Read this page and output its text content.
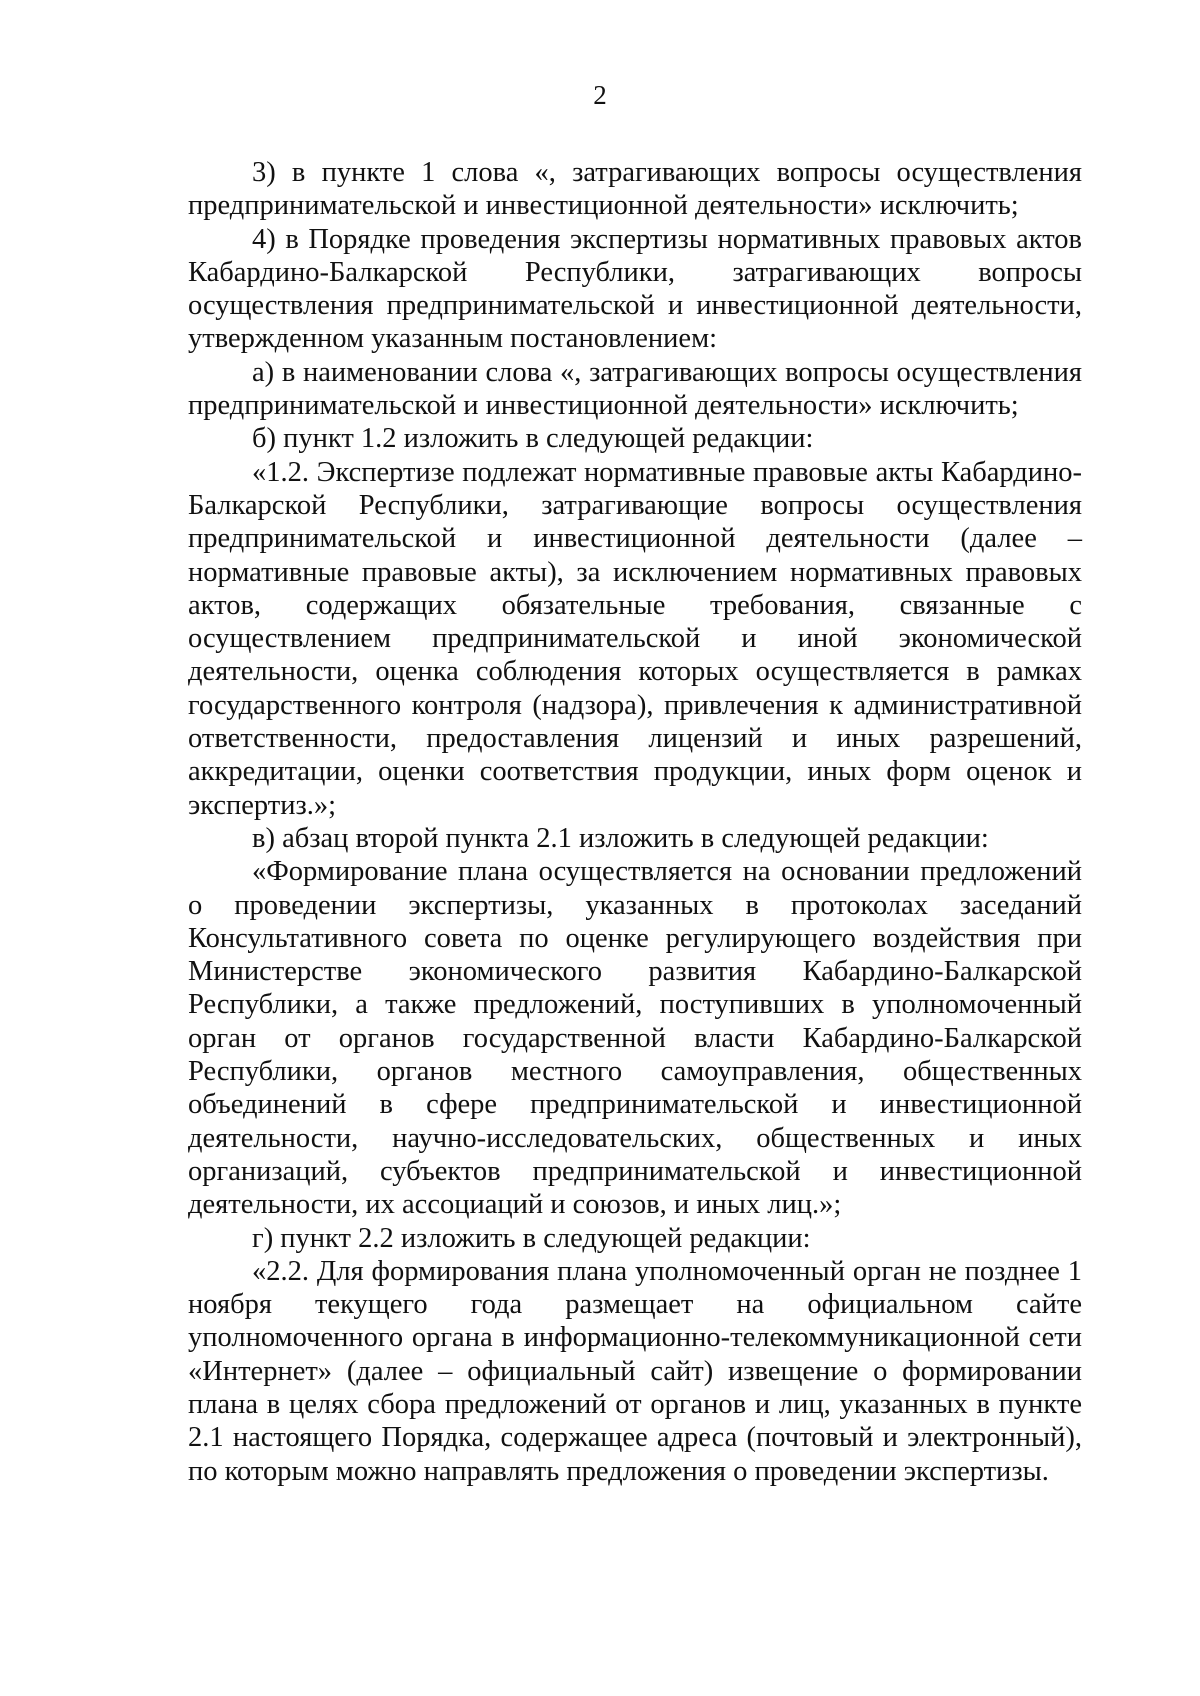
2

3) в пункте 1 слова «, затрагивающих вопросы осуществления предпринимательской и инвестиционной деятельности» исключить;

4) в Порядке проведения экспертизы нормативных правовых актов Кабардино-Балкарской Республики, затрагивающих вопросы осуществления предпринимательской и инвестиционной деятельности, утвержденном указанным постановлением:

а) в наименовании слова «, затрагивающих вопросы осуществления предпринимательской и инвестиционной деятельности» исключить;

б) пункт 1.2 изложить в следующей редакции:

«1.2. Экспертизе подлежат нормативные правовые акты Кабардино-Балкарской Республики, затрагивающие вопросы осуществления предпринимательской и инвестиционной деятельности (далее – нормативные правовые акты), за исключением нормативных правовых актов, содержащих обязательные требования, связанные с осуществлением предпринимательской и иной экономической деятельности, оценка соблюдения которых осуществляется в рамках государственного контроля (надзора), привлечения к административной ответственности, предоставления лицензий и иных разрешений, аккредитации, оценки соответствия продукции, иных форм оценок и экспертиз.»;

в) абзац второй пункта 2.1 изложить в следующей редакции:

«Формирование плана осуществляется на основании предложений о проведении экспертизы, указанных в протоколах заседаний Консультативного совета по оценке регулирующего воздействия при Министерстве экономического развития Кабардино-Балкарской Республики, а также предложений, поступивших в уполномоченный орган от органов государственной власти Кабардино-Балкарской Республики, органов местного самоуправления, общественных объединений в сфере предпринимательской и инвестиционной деятельности, научно-исследовательских, общественных и иных организаций, субъектов предпринимательской и инвестиционной деятельности, их ассоциаций и союзов, и иных лиц.»;

г) пункт 2.2 изложить в следующей редакции:

«2.2. Для формирования плана уполномоченный орган не позднее 1 ноября текущего года размещает на официальном сайте уполномоченного органа в информационно-телекоммуникационной сети «Интернет» (далее – официальный сайт) извещение о формировании плана в целях сбора предложений от органов и лиц, указанных в пункте 2.1 настоящего Порядка, содержащее адреса (почтовый и электронный), по которым можно направлять предложения о проведении экспертизы.
